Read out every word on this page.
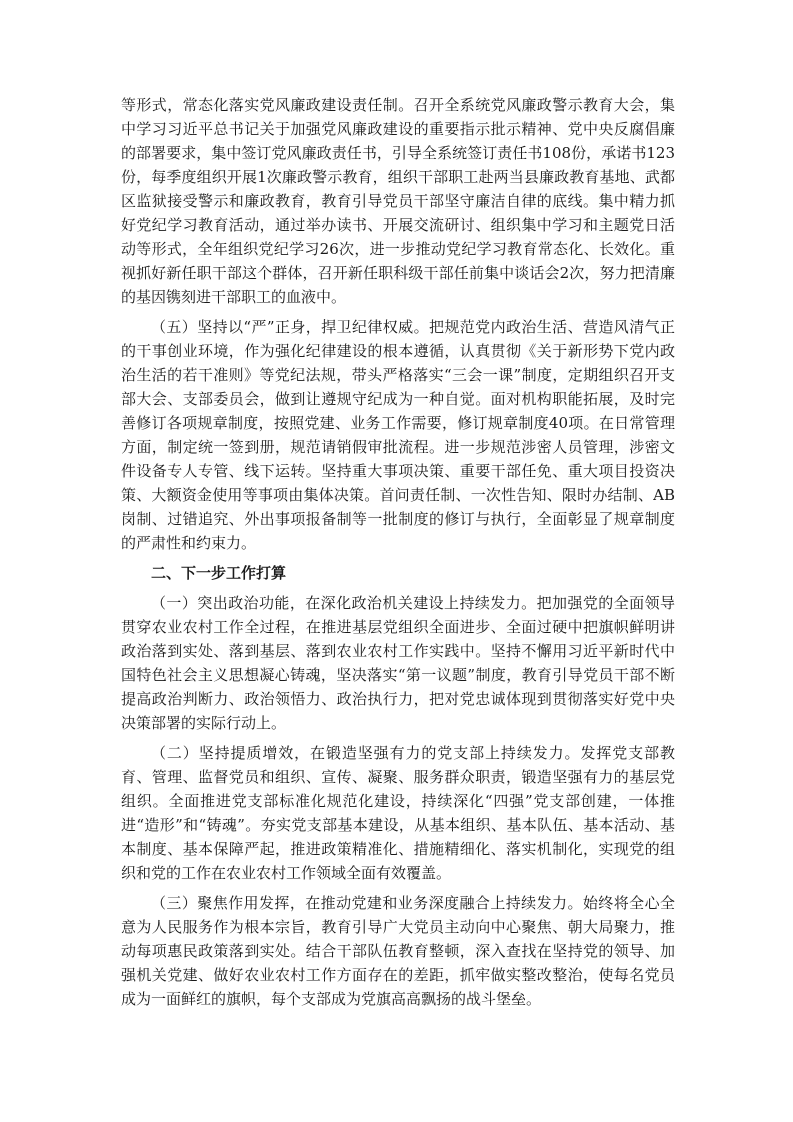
等形式，常态化落实党风廉政建设责任制。召开全系统党风廉政警示教育大会，集中学习习近平总书记关于加强党风廉政建设的重要指示批示精神、党中央反腐倡廉的部署要求，集中签订党风廉政责任书，引导全系统签订责任书108份，承诺书123份，每季度组织开展1次廉政警示教育，组织干部职工赴两当县廉政教育基地、武都区监狱接受警示和廉政教育，教育引导党员干部坚守廉洁自律的底线。集中精力抓好党纪学习教育活动，通过举办读书、开展交流研讨、组织集中学习和主题党日活动等形式，全年组织党纪学习26次，进一步推动党纪学习教育常态化、长效化。重视抓好新任职干部这个群体，召开新任职科级干部任前集中谈话会2次，努力把清廉的基因镌刻进干部职工的血液中。

（五）坚持以“严”正身，捍卫纪律权威。把规范党内政治生活、营造风清气正的干事创业环境，作为强化纪律建设的根本遵循，认真贯彻《关于新形势下党内政治生活的若干准则》等党纪法规，带头严格落实“三会一课”制度，定期组织召开支部大会、支部委员会，做到让遵规守纪成为一种自觉。面对机构职能拓展，及时完善修订各项规章制度，按照党建、业务工作需要，修订规章制度40项。在日常管理方面，制定统一签到册，规范请销假审批流程。进一步规范涉密人员管理，涉密文件设备专人专管、线下运转。坚持重大事项决策、重要干部任免、重大项目投资决策、大额资金使用等事项由集体决策。首问责任制、一次性告知、限时办结制、AB岗制、过错追究、外出事项报备制等一批制度的修订与执行，全面彰显了规章制度的严肃性和约束力。

二、下一步工作打算

（一）突出政治功能，在深化政治机关建设上持续发力。把加强党的全面领导贯穿农业农村工作全过程，在推进基层党组织全面进步、全面过硬中把旗帜鲜明讲政治落到实处、落到基层、落到农业农村工作实践中。坚持不懈用习近平新时代中国特色社会主义思想凝心铸魂，坚决落实“第一议题”制度，教育引导党员干部不断提高政治判断力、政治领悟力、政治执行力，把对党忠诚体现到贯彻落实好党中央决策部署的实际行动上。

（二）坚持提质增效，在锻造坚强有力的党支部上持续发力。发挥党支部教育、管理、监督党员和组织、宣传、凝聚、服务群众职责，锻造坚强有力的基层党组织。全面推进党支部标准化规范化建设，持续深化“四强”党支部创建，一体推进“造形”和“铸魂”。夯实党支部基本建设，从基本组织、基本队伍、基本活动、基本制度、基本保障严起，推进政策精准化、措施精细化、落实机制化，实现党的组织和党的工作在农业农村工作领域全面有效覆盖。

（三）聚焦作用发挥，在推动党建和业务深度融合上持续发力。始终将全心全意为人民服务作为根本宗旨，教育引导广大党员主动向中心聚焦、朝大局聚力，推动每项惠民政策落到实处。结合干部队伍教育整顿，深入查找在坚持党的领导、加强机关党建、做好农业农村工作方面存在的差距，抓牢做实整改整治，使每名党员成为一面鲜红的旗帜，每个支部成为党旗高高飘扬的战斗堡垒。
